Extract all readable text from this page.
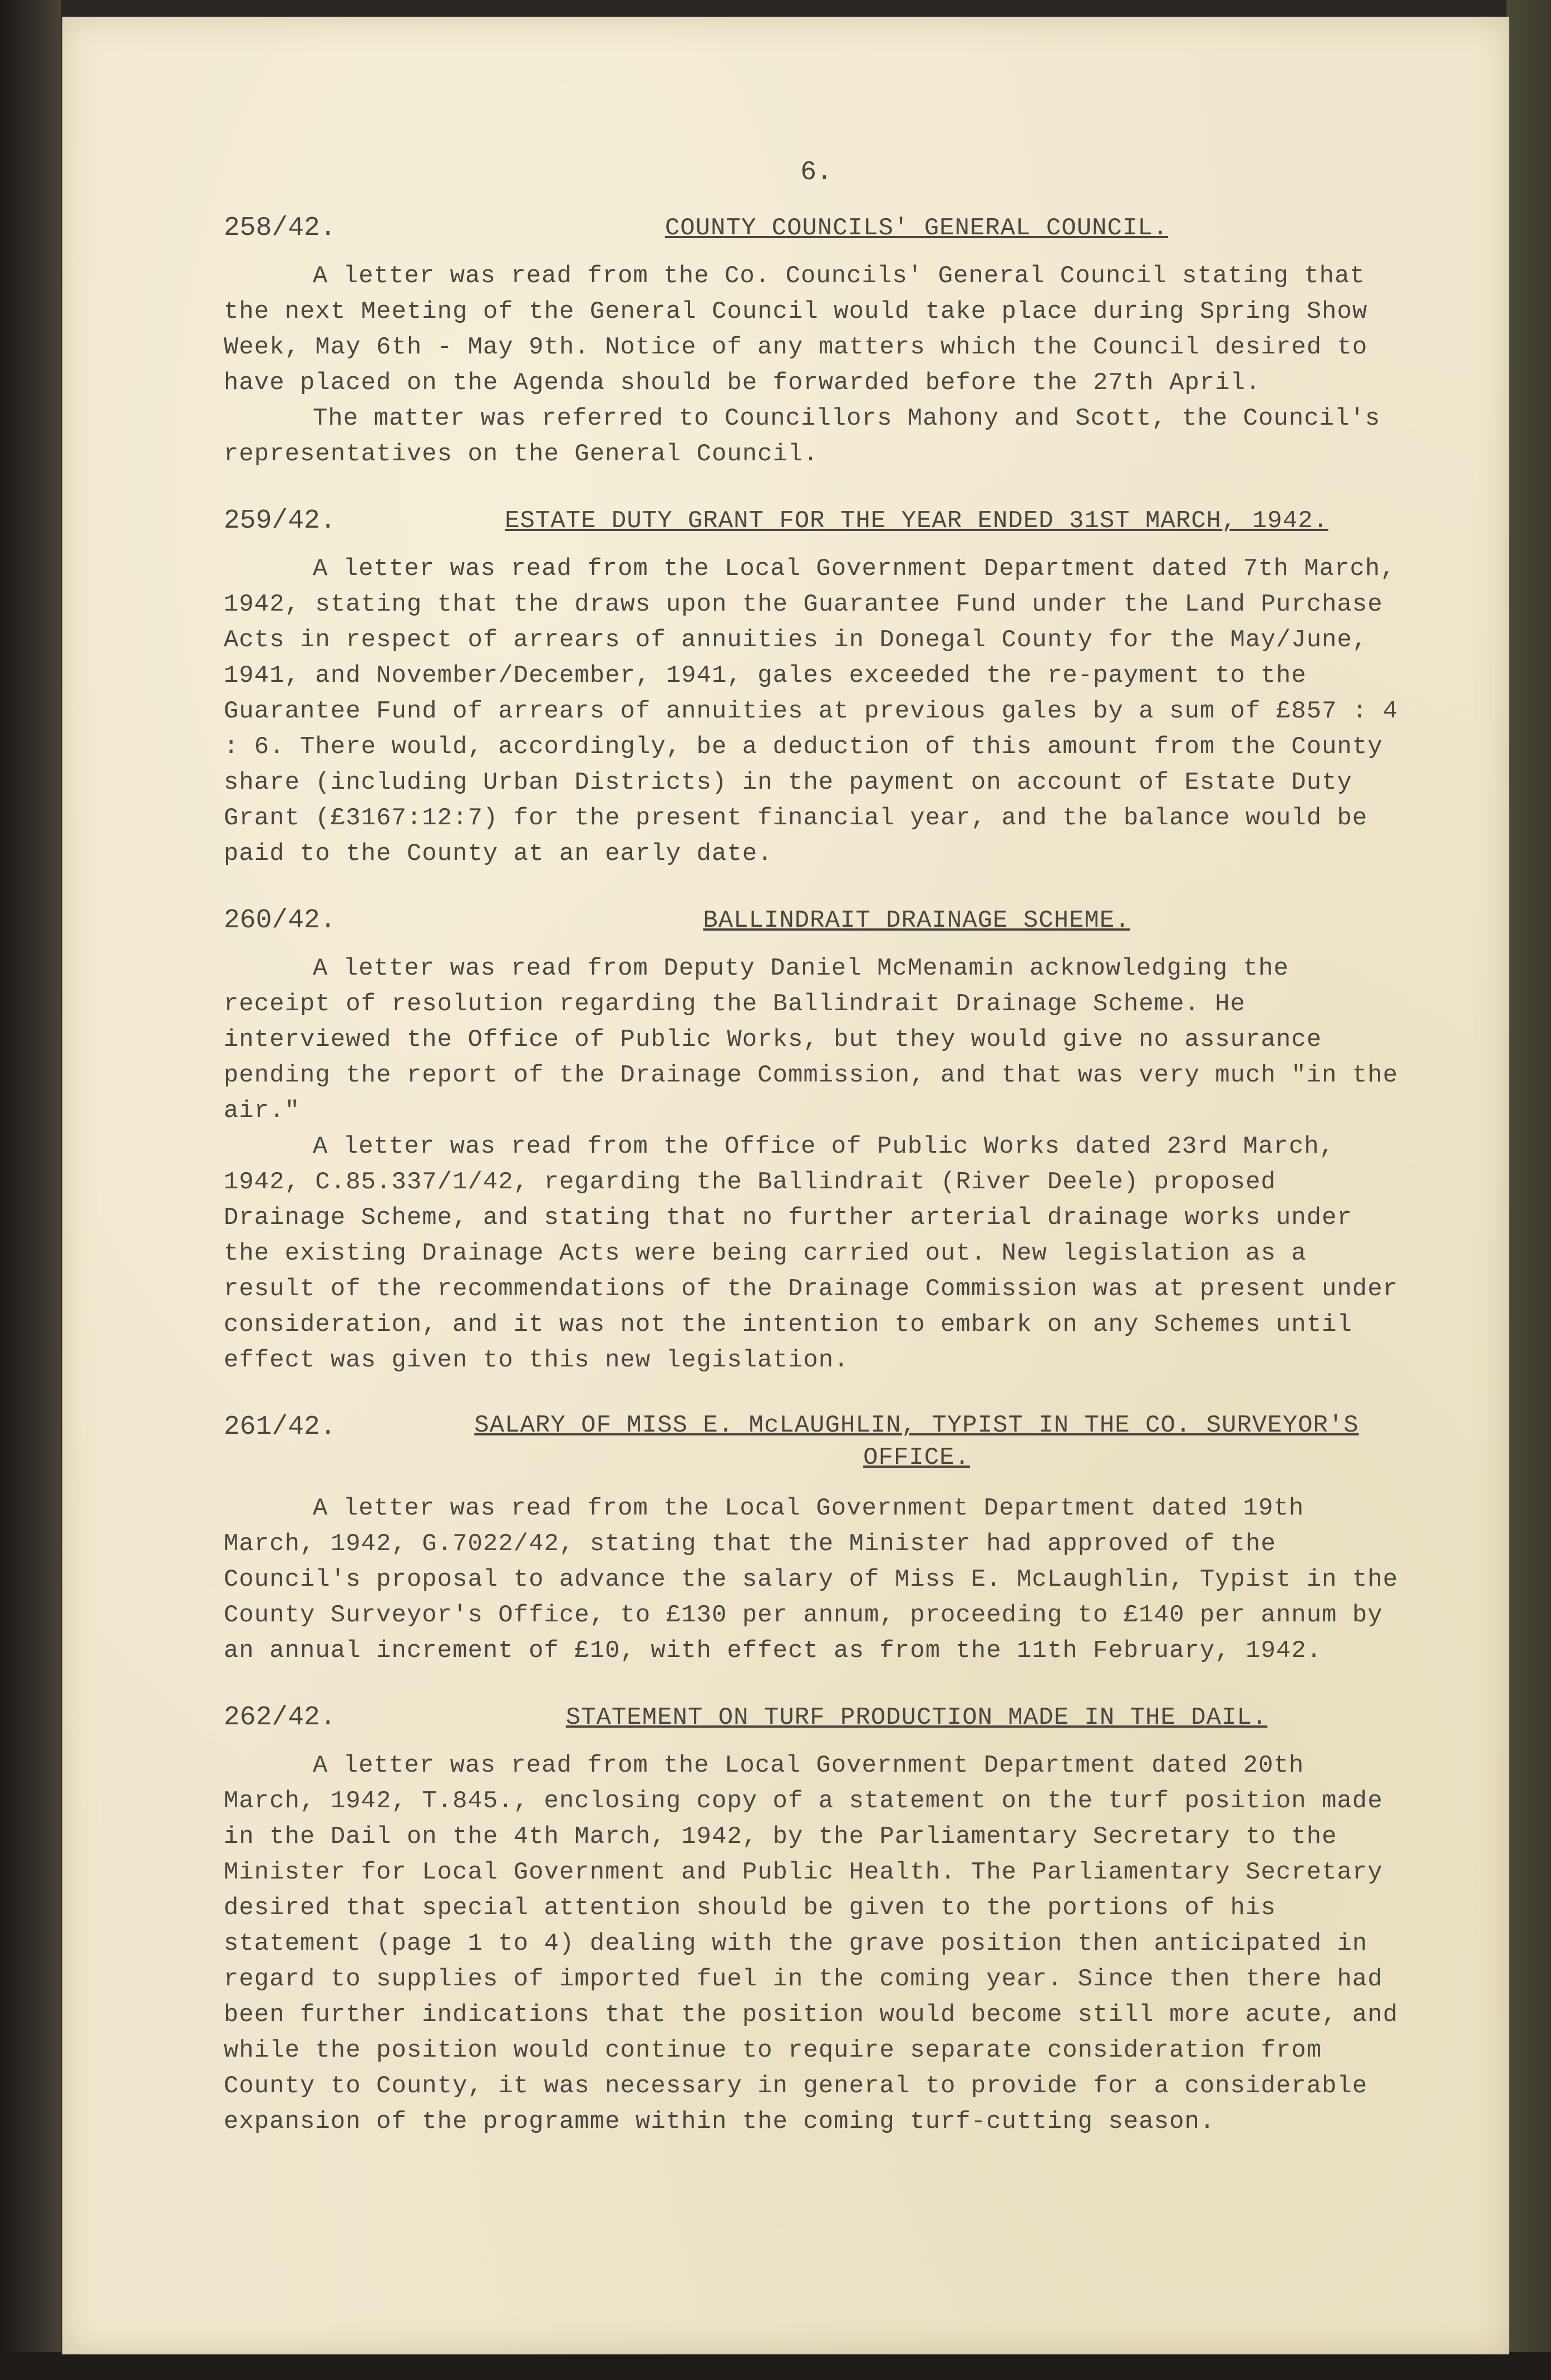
6.
258/42.	COUNTY COUNCILS' GENERAL COUNCIL.

A letter was read from the Co. Councils' General Council stating that the next Meeting of the General Council would take place during Spring Show Week, May 6th - May 9th. Notice of any matters which the Council desired to have placed on the Agenda should be forwarded before the 27th April.

The matter was referred to Councillors Mahony and Scott, the Council's representatives on the General Council.

259/42.	ESTATE DUTY GRANT FOR THE YEAR ENDED 31ST MARCH, 1942.

A letter was read from the Local Government Department dated 7th March, 1942, stating that the draws upon the Guarantee Fund under the Land Purchase Acts in respect of arrears of annuities in Donegal County for the May/June, 1941, and November/December, 1941, gales exceeded the re-payment to the Guarantee Fund of arrears of annuities at previous gales by a sum of £857 : 4 : 6. There would, accordingly, be a deduction of this amount from the County share (including Urban Districts) in the payment on account of Estate Duty Grant (£3167:12:7) for the present financial year, and the balance would be paid to the County at an early date.

260/42.	BALLINDRAIT DRAINAGE SCHEME.

A letter was read from Deputy Daniel McMenamin acknowledging the receipt of resolution regarding the Ballindrait Drainage Scheme. He interviewed the Office of Public Works, but they would give no assurance pending the report of the Drainage Commission, and that was very much "in the air."

A letter was read from the Office of Public Works dated 23rd March, 1942, C.85.337/1/42, regarding the Ballindrait (River Deele) proposed Drainage Scheme, and stating that no further arterial drainage works under the existing Drainage Acts were being carried out. New legislation as a result of the recommendations of the Drainage Commission was at present under consideration, and it was not the intention to embark on any Schemes until effect was given to this new legislation.

261/42.	SALARY OF MISS E. McLAUGHLIN, TYPIST IN THE CO. SURVEYOR'S OFFICE.

A letter was read from the Local Government Department dated 19th March, 1942, G.7022/42, stating that the Minister had approved of the Council's proposal to advance the salary of Miss E. McLaughlin, Typist in the County Surveyor's Office, to £130 per annum, proceeding to £140 per annum by an annual increment of £10, with effect as from the 11th February, 1942.

262/42.	STATEMENT ON TURF PRODUCTION MADE IN THE DAIL.

A letter was read from the Local Government Department dated 20th March, 1942, T.845., enclosing copy of a statement on the turf position made in the Dail on the 4th March, 1942, by the Parliamentary Secretary to the Minister for Local Government and Public Health. The Parliamentary Secretary desired that special attention should be given to the portions of his statement (page 1 to 4) dealing with the grave position then anticipated in regard to supplies of imported fuel in the coming year. Since then there had been further indications that the position would become still more acute, and while the position would continue to require separate consideration from County to County, it was necessary in general to provide for a considerable expansion of the programme within the coming turf-cutting season.
